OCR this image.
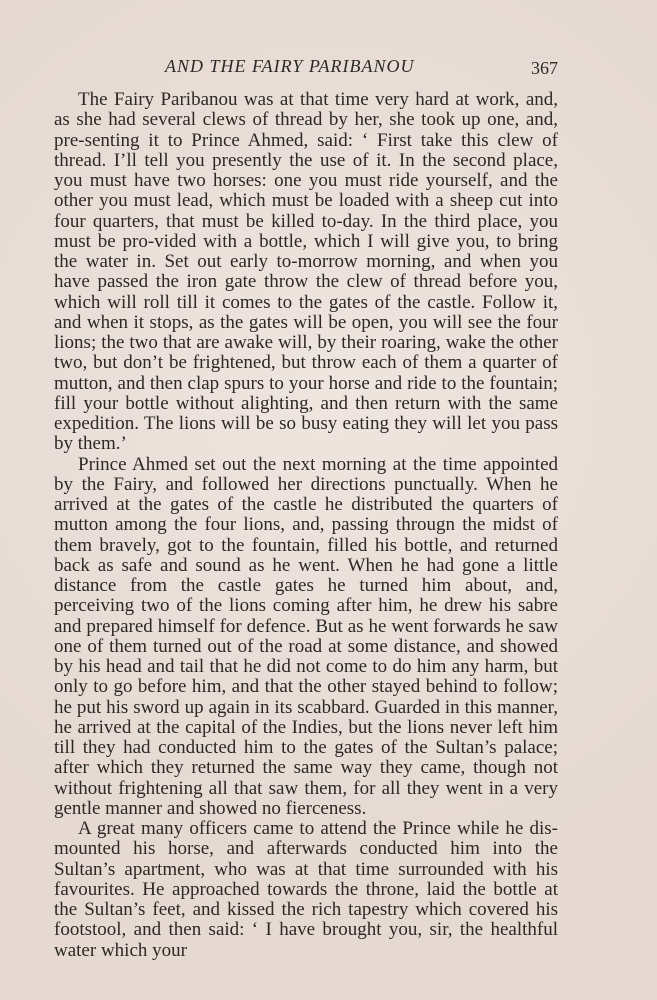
AND THE FAIRY PARIBANOU	367

The Fairy Paribanou was at that time very hard at work, and, as she had several clews of thread by her, she took up one, and, pre-senting it to Prince Ahmed, said: ‘ First take this clew of thread. I’ll tell you presently the use of it. In the second place, you must have two horses: one you must ride yourself, and the other you must lead, which must be loaded with a sheep cut into four quarters, that must be killed to-day. In the third place, you must be pro-vided with a bottle, which I will give you, to bring the water in. Set out early to-morrow morning, and when you have passed the iron gate throw the clew of thread before you, which will roll till it comes to the gates of the castle. Follow it, and when it stops, as the gates will be open, you will see the four lions; the two that are awake will, by their roaring, wake the other two, but don’t be frightened, but throw each of them a quarter of mutton, and then clap spurs to your horse and ride to the fountain; fill your bottle without alighting, and then return with the same expedition. The lions will be so busy eating they will let you pass by them.’

Prince Ahmed set out the next morning at the time appointed by the Fairy, and followed her directions punctually. When he arrived at the gates of the castle he distributed the quarters of mutton among the four lions, and, passing througn the midst of them bravely, got to the fountain, filled his bottle, and returned back as safe and sound as he went. When he had gone a little distance from the castle gates he turned him about, and, perceiving two of the lions coming after him, he drew his sabre and prepared himself for defence. But as he went forwards he saw one of them turned out of the road at some distance, and showed by his head and tail that he did not come to do him any harm, but only to go before him, and that the other stayed behind to follow; he put his sword up again in its scabbard. Guarded in this manner, he arrived at the capital of the Indies, but the lions never left him till they had conducted him to the gates of the Sultan’s palace; after which they returned the same way they came, though not without frightening all that saw them, for all they went in a very gentle manner and showed no fierceness.

A great many officers came to attend the Prince while he dis-mounted his horse, and afterwards conducted him into the Sultan’s apartment, who was at that time surrounded with his favourites. He approached towards the throne, laid the bottle at the Sultan’s feet, and kissed the rich tapestry which covered his footstool, and then said: ‘ I have brought you, sir, the healthful water which your
